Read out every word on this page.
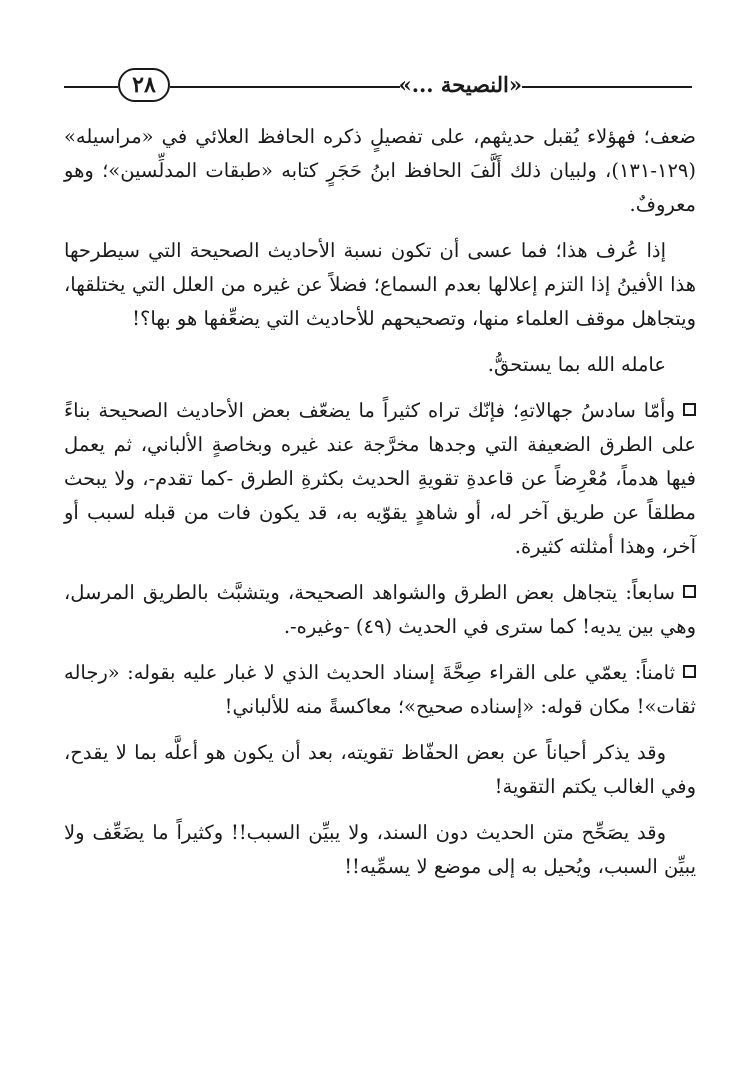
٢٨	«النصيحة ...»

ضعف؛ فهؤلاء يُقبل حديثهم، على تفصيلٍ ذكره الحافظ العلائي في «مراسيله» (١٢٩-١٣١)، ولبيان ذلك أَلَّفَ الحافظ ابنُ حَجَرٍ كتابه «طبقات المدلِّسين»؛ وهو معروفٌ.

إذا عُرف هذا؛ فما عسى أن تكون نسبة الأحاديث الصحيحة التي سيطرحها هذا الأفينُ إذا التزم إعلالها بعدم السماع؛ فضلاً عن غيره من العلل التي يختلقها، ويتجاهل موقف العلماء منها، وتصحيحهم للأحاديث التي يضعِّفها هو بها؟!

عامله الله بما يستحقُّ.

وأمّا سادسُ جهالاتهِ؛ فإنّك تراه كثيراً ما يضعّف بعض الأحاديث الصحيحة بناءً على الطرق الضعيفة التي وجدها مخرَّجة عند غيره وبخاصةٍ الألباني، ثم يعمل فيها هدماً، مُعْرِضاً عن قاعدةِ تقويةِ الحديث بكثرةِ الطرق -كما تقدم-، ولا يبحث مطلقاً عن طريق آخر له، أو شاهدٍ يقوّيه به، قد يكون فات من قبله لسبب أو آخر، وهذا أمثلته كثيرة.

سابعاً: يتجاهل بعض الطرق والشواهد الصحيحة، ويتشبَّث بالطريق المرسل، وهي بين يديه! كما سترى في الحديث (٤٩) -وغيره-.

ثامناً: يعمّي على القراء صِحَّةَ إسناد الحديث الذي لا غبار عليه بقوله: «رجاله ثقات»! مكان قوله: «إسناده صحيح»؛ معاكسةً منه للألباني!

وقد يذكر أحياناً عن بعض الحفّاظ تقويته، بعد أن يكون هو أعلَّه بما لا يقدح، وفي الغالب يكتم التقوية!

وقد يصَحِّح متن الحديث دون السند، ولا يبيِّن السبب!! وكثيراً ما يضَعِّف ولا يبيِّن السبب، ويُحيل به إلى موضع لا يسمِّيه!!
